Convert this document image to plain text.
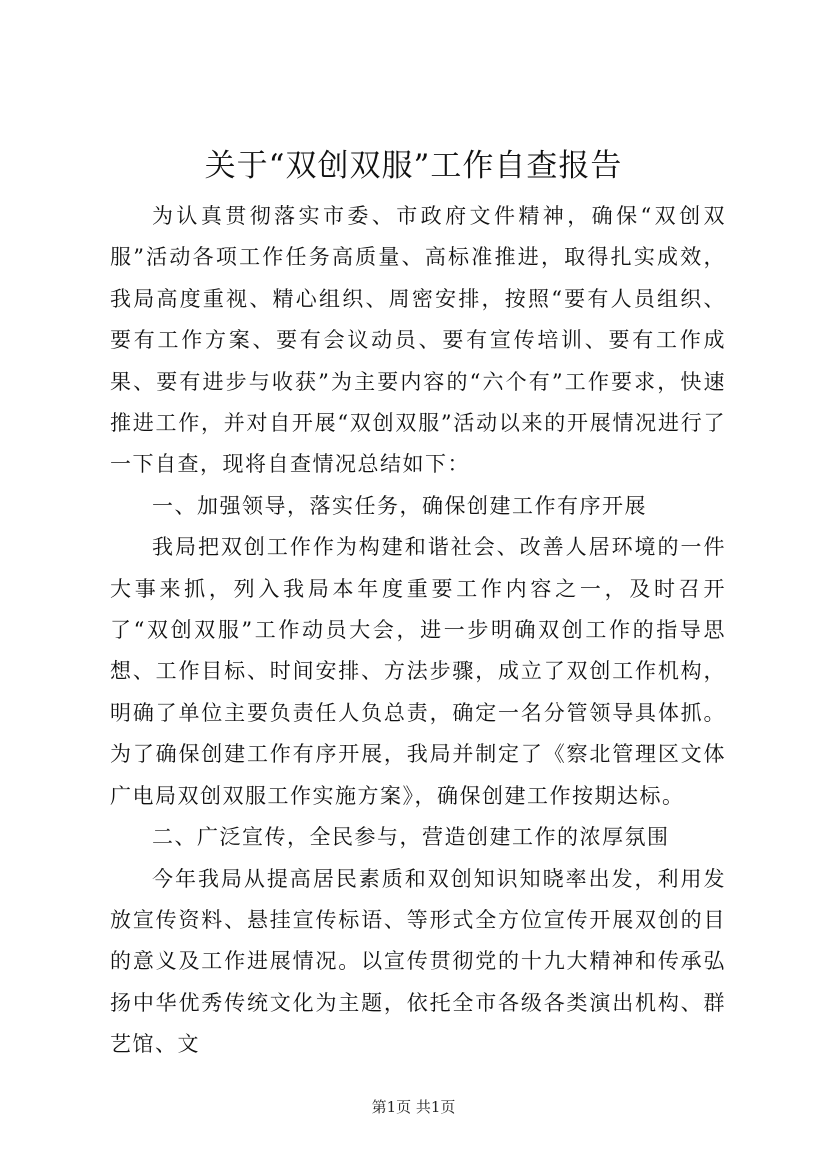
关于“双创双服”工作自查报告

为认真贯彻落实市委、市政府文件精神，确保“双创双服”活动各项工作任务高质量、高标准推进，取得扎实成效，我局高度重视、精心组织、周密安排，按照“要有人员组织、要有工作方案、要有会议动员、要有宣传培训、要有工作成果、要有进步与收获”为主要内容的“六个有”工作要求，快速推进工作，并对自开展“双创双服”活动以来的开展情况进行了一下自查，现将自查情况总结如下：

一、加强领导，落实任务，确保创建工作有序开展

我局把双创工作作为构建和谐社会、改善人居环境的一件大事来抓，列入我局本年度重要工作内容之一，及时召开了“双创双服”工作动员大会，进一步明确双创工作的指导思想、工作目标、时间安排、方法步骤，成立了双创工作机构，明确了单位主要负责任人负总责，确定一名分管领导具体抓。为了确保创建工作有序开展，我局并制定了《察北管理区文体广电局双创双服工作实施方案》，确保创建工作按期达标。

二、广泛宣传，全民参与，营造创建工作的浓厚氛围

今年我局从提高居民素质和双创知识知晓率出发，利用发放宣传资料、悬挂宣传标语、等形式全方位宣传开展双创的目的意义及工作进展情况。以宣传贯彻党的十九大精神和传承弘扬中华优秀传统文化为主题，依托全市各级各类演出机构、群艺馆、文

第1页 共1页
